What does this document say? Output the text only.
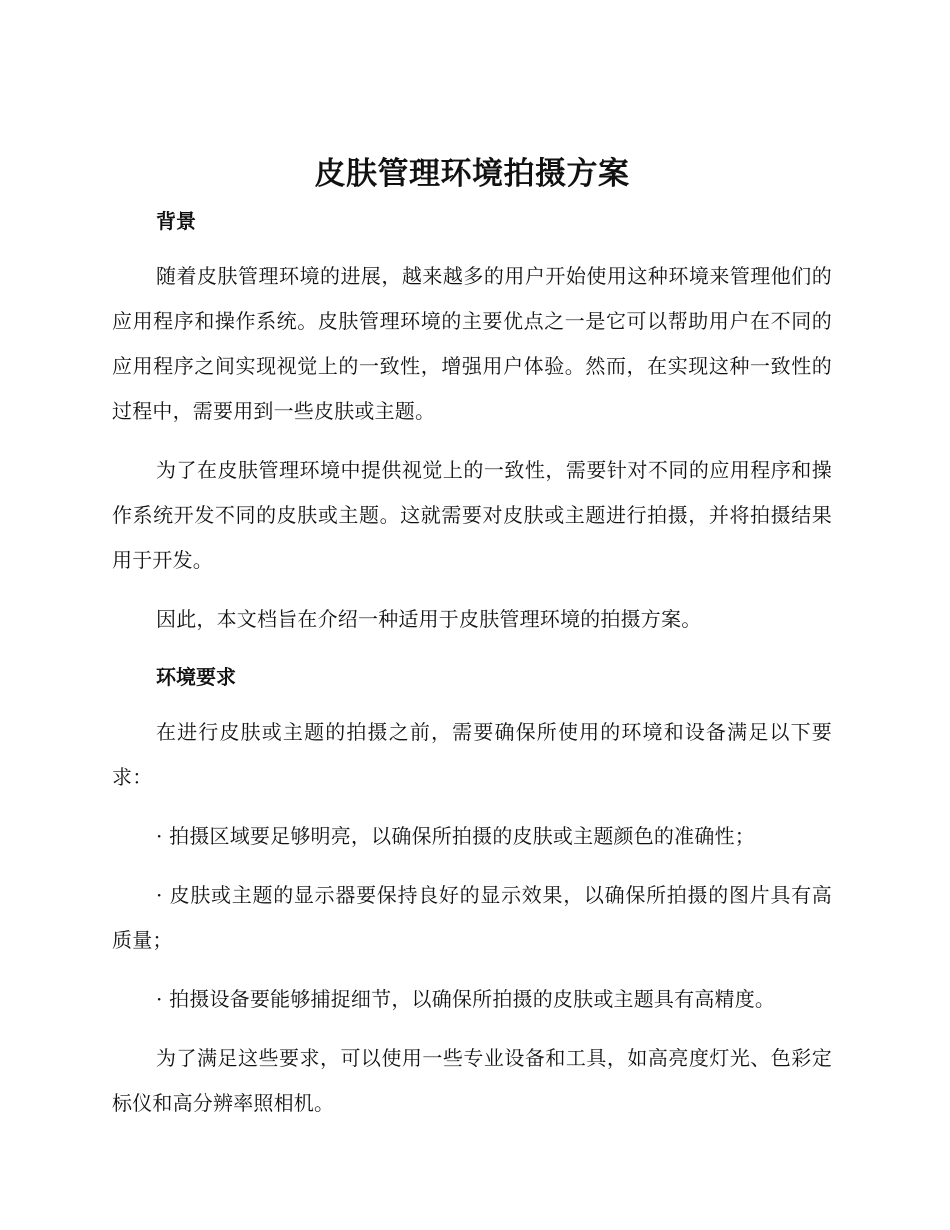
皮肤管理环境拍摄方案
背景

随着皮肤管理环境的进展，越来越多的用户开始使用这种环境来管理他们的应用程序和操作系统。皮肤管理环境的主要优点之一是它可以帮助用户在不同的应用程序之间实现视觉上的一致性，增强用户体验。然而，在实现这种一致性的过程中，需要用到一些皮肤或主题。

为了在皮肤管理环境中提供视觉上的一致性，需要针对不同的应用程序和操作系统开发不同的皮肤或主题。这就需要对皮肤或主题进行拍摄，并将拍摄结果用于开发。

因此，本文档旨在介绍一种适用于皮肤管理环境的拍摄方案。

环境要求

在进行皮肤或主题的拍摄之前，需要确保所使用的环境和设备满足以下要求：

· 拍摄区域要足够明亮，以确保所拍摄的皮肤或主题颜色的准确性；

· 皮肤或主题的显示器要保持良好的显示效果，以确保所拍摄的图片具有高质量；

· 拍摄设备要能够捕捉细节，以确保所拍摄的皮肤或主题具有高精度。

为了满足这些要求，可以使用一些专业设备和工具，如高亮度灯光、色彩定标仪和高分辨率照相机。
